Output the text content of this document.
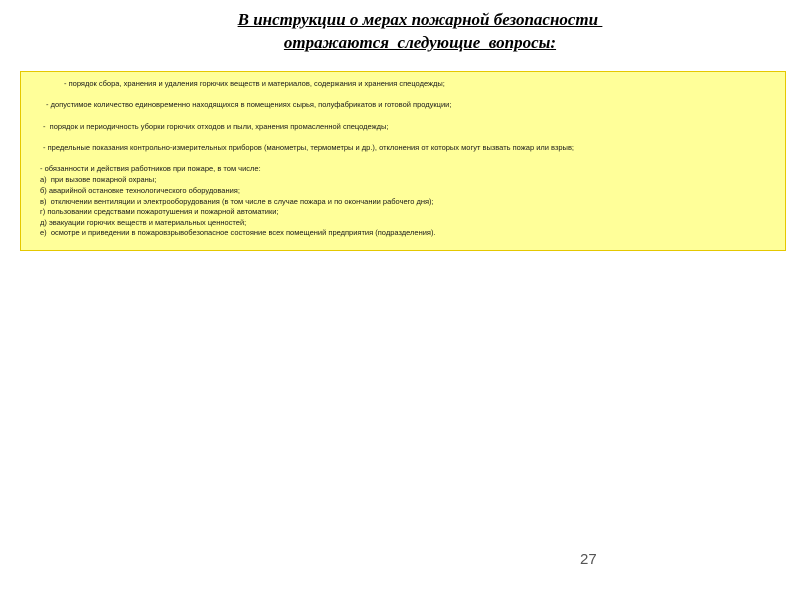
В инструкции о мерах пожарной безопасности
отражаются  следующие  вопросы:
- порядок сбора, хранения и удаления горючих веществ и материалов, содержания и хранения спецодежды;
- допустимое количество единовременно находящихся в помещениях сырья, полуфабрикатов и готовой продукции;
-  порядок и периодичность уборки горючих отходов и пыли, хранения промасленной спецодежды;
- предельные показания контрольно-измерительных приборов (манометры, термометры и др.), отклонения от которых могут вызвать пожар или взрыв;
- обязанности и действия работников при пожаре, в том числе:
а)  при вызове пожарной охраны;
б) аварийной остановке технологического оборудования;
в)  отключении вентиляции и электрооборудования (в том числе в случае пожара и по окончании рабочего дня);
г) пользовании средствами пожаротушения и пожарной автоматики;
д) эвакуации горючих веществ и материальных ценностей;
е)  осмотре и приведении в пожаровзрывобезопасное состояние всех помещений предприятия (подразделения).
27
